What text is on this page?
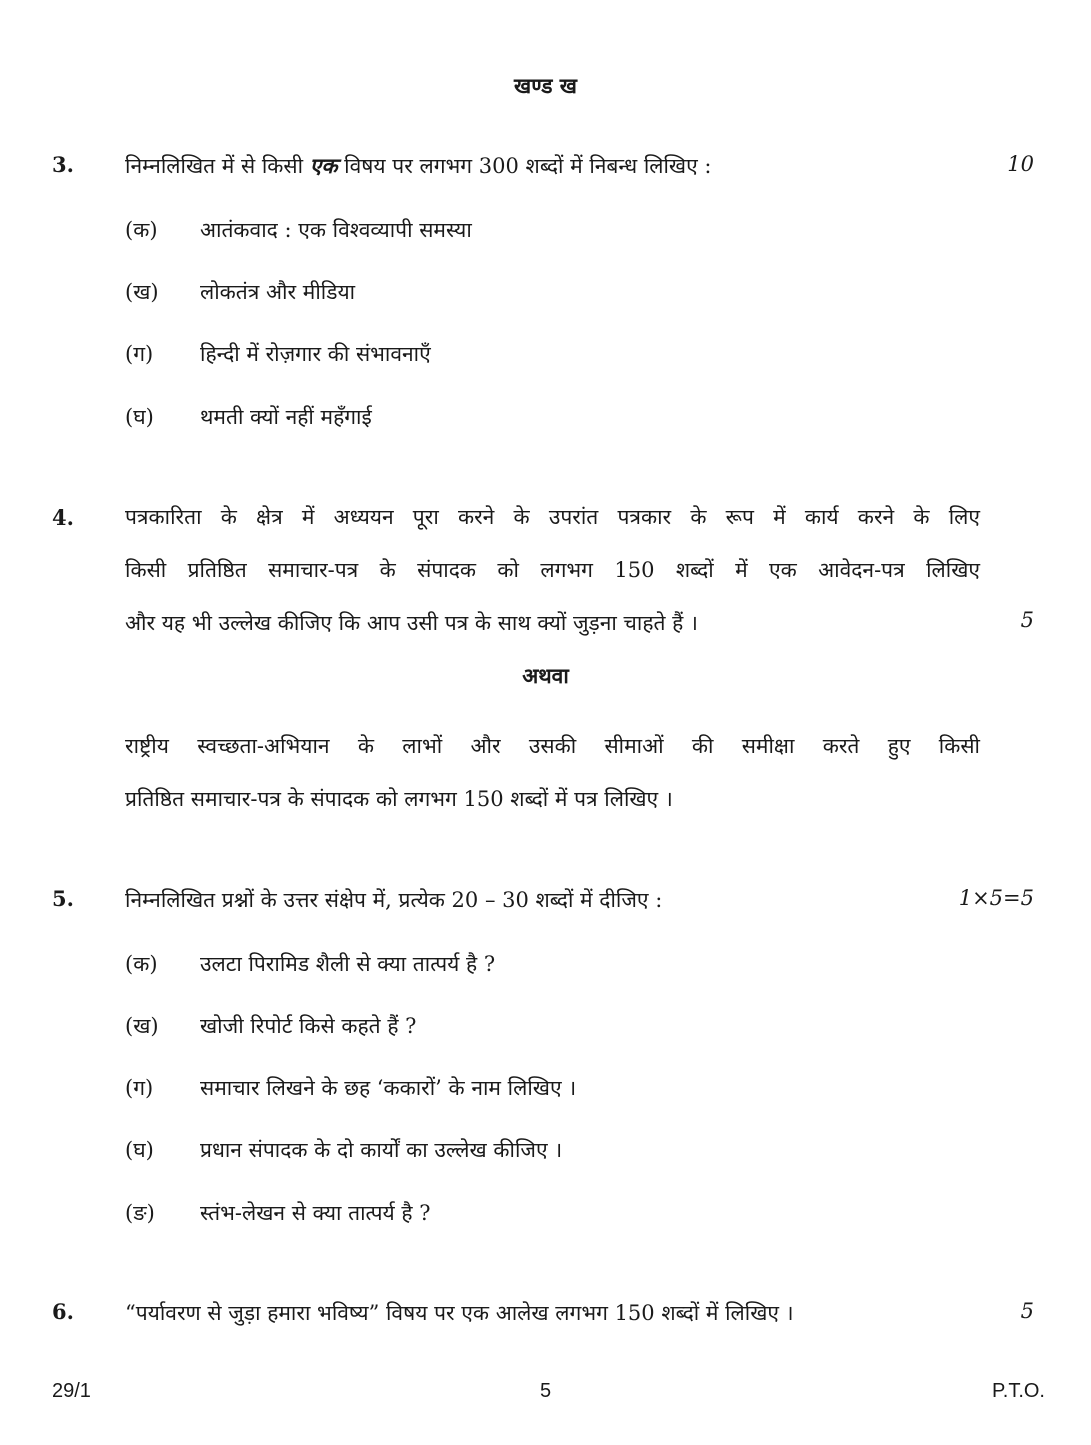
खण्ड ख
3. निम्नलिखित में से किसी एक विषय पर लगभग 300 शब्दों में निबन्ध लिखिए :	10
(क) आतंकवाद : एक विश्वव्यापी समस्या
(ख) लोकतंत्र और मीडिया
(ग) हिन्दी में रोज़गार की संभावनाएँ
(घ) थमती क्यों नहीं महँगाई
4. पत्रकारिता के क्षेत्र में अध्ययन पूरा करने के उपरांत पत्रकार के रूप में कार्य करने के लिए
किसी प्रतिष्ठित समाचार-पत्र के संपादक को लगभग 150 शब्दों में एक आवेदन-पत्र लिखिए
और यह भी उल्लेख कीजिए कि आप उसी पत्र के साथ क्यों जुड़ना चाहते हैं ।	5
अथवा
राष्ट्रीय स्वच्छता-अभियान के लाभों और उसकी सीमाओं की समीक्षा करते हुए किसी
प्रतिष्ठित समाचार-पत्र के संपादक को लगभग 150 शब्दों में पत्र लिखिए ।
5. निम्नलिखित प्रश्नों के उत्तर संक्षेप में, प्रत्येक 20 – 30 शब्दों में दीजिए :	1×5=5
(क) उलटा पिरामिड शैली से क्या तात्पर्य है ?
(ख) खोजी रिपोर्ट किसे कहते हैं ?
(ग) समाचार लिखने के छह ‘ककारों’ के नाम लिखिए ।
(घ) प्रधान संपादक के दो कार्यों का उल्लेख कीजिए ।
(ङ) स्तंभ-लेखन से क्या तात्पर्य है ?
6. “पर्यावरण से जुड़ा हमारा भविष्य” विषय पर एक आलेख लगभग 150 शब्दों में लिखिए ।	5
29/1	5	P.T.O.
